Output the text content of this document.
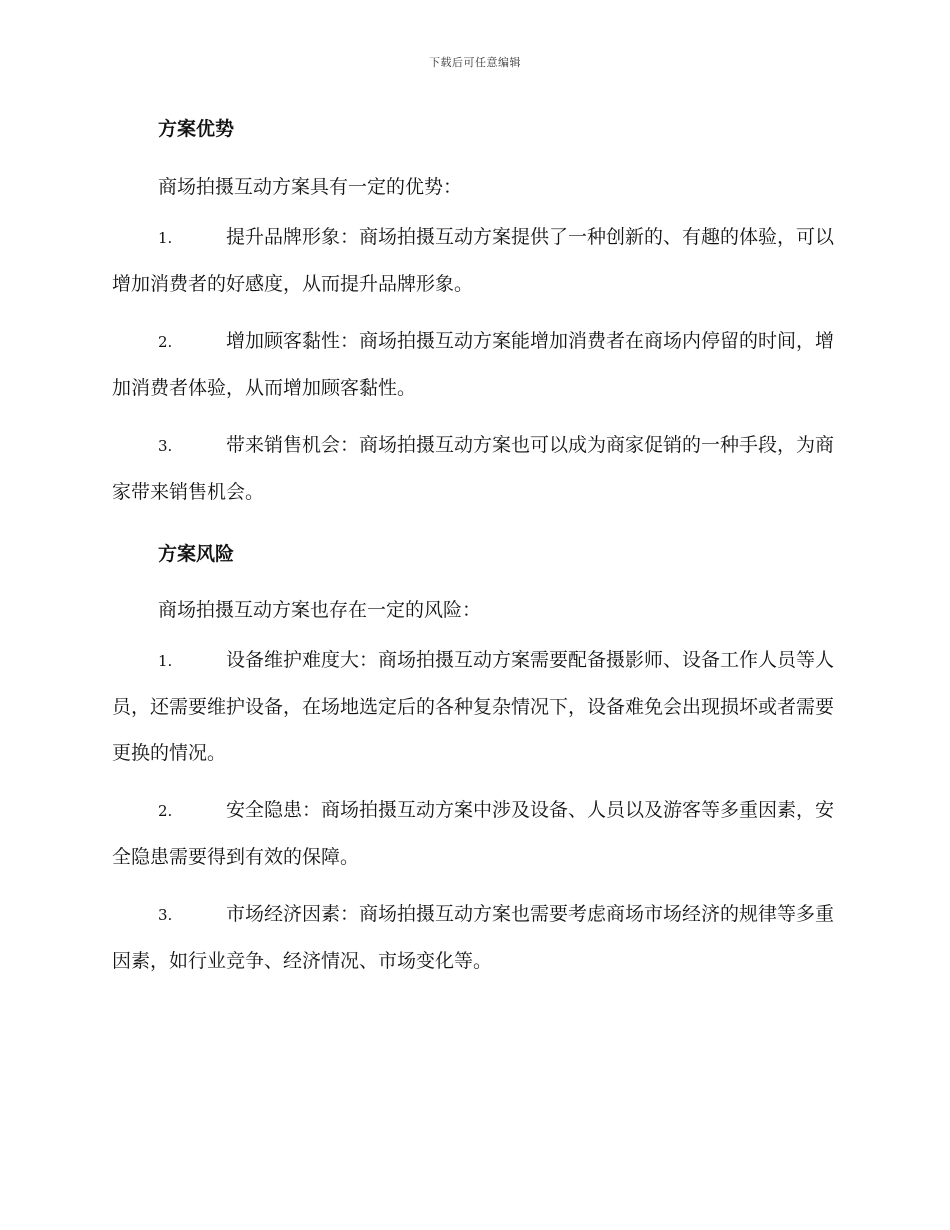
下载后可任意编辑
方案优势

商场拍摄互动方案具有一定的优势：

1.	提升品牌形象：商场拍摄互动方案提供了一种创新的、有趣的体验，可以增加消费者的好感度，从而提升品牌形象。

2.	增加顾客黏性：商场拍摄互动方案能增加消费者在商场内停留的时间，增加消费者体验，从而增加顾客黏性。

3.	带来销售机会：商场拍摄互动方案也可以成为商家促销的一种手段，为商家带来销售机会。

方案风险

商场拍摄互动方案也存在一定的风险：

1.	设备维护难度大：商场拍摄互动方案需要配备摄影师、设备工作人员等人员，还需要维护设备，在场地选定后的各种复杂情况下，设备难免会出现损坏或者需要更换的情况。

2.	安全隐患：商场拍摄互动方案中涉及设备、人员以及游客等多重因素，安全隐患需要得到有效的保障。

3.	市场经济因素：商场拍摄互动方案也需要考虑商场市场经济的规律等多重因素，如行业竞争、经济情况、市场变化等。
